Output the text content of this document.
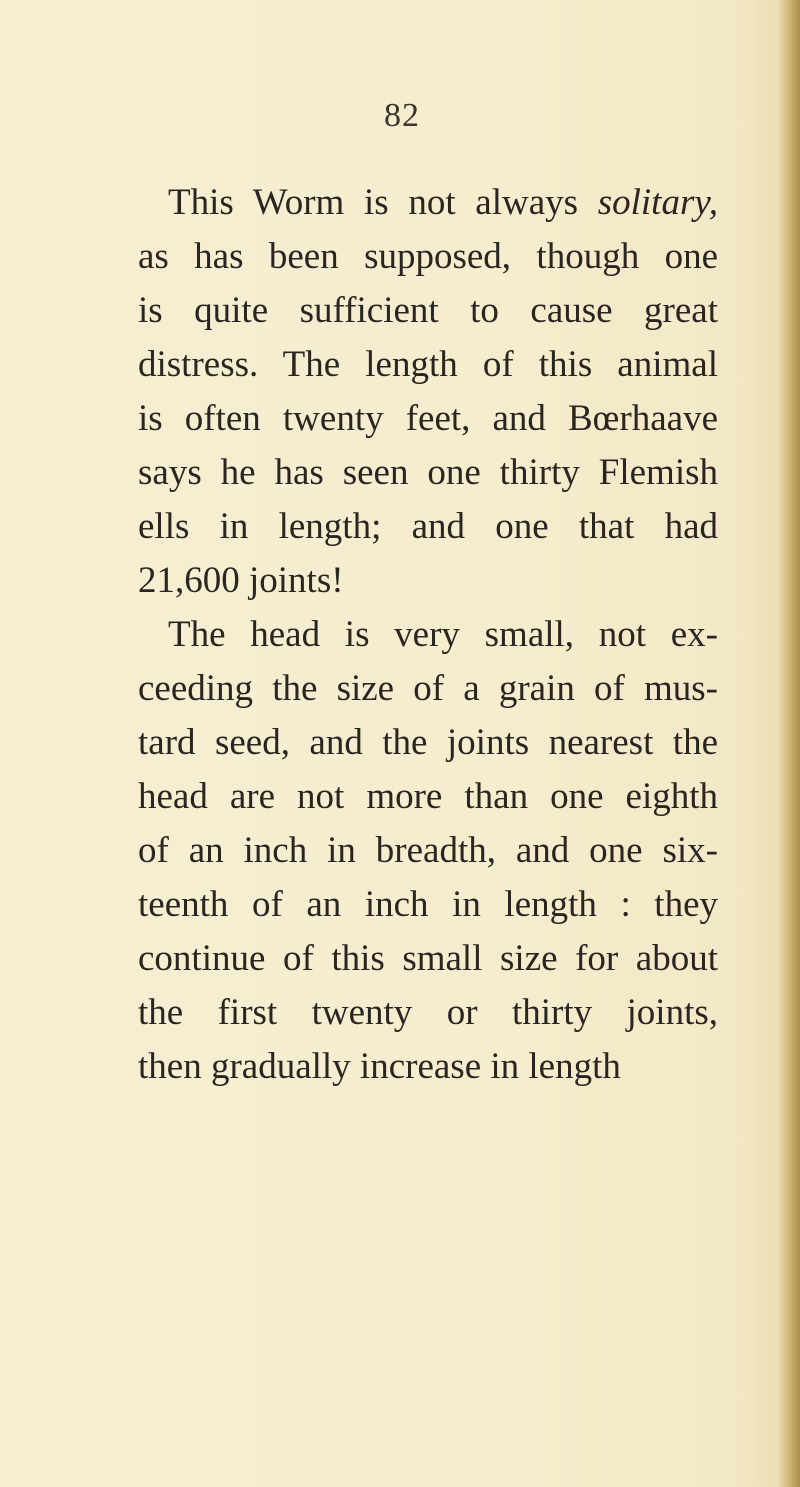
82
This Worm is not always solitary,
as has been supposed, though one
is quite sufficient to cause great
distress. The length of this animal
is often twenty feet, and Bœrhaave
says he has seen one thirty Flemish
ells in length; and one that had
21,600 joints!
The head is very small, not ex-
ceeding the size of a grain of mus-
tard seed, and the joints nearest the
head are not more than one eighth
of an inch in breadth, and one six-
teenth of an inch in length : they
continue of this small size for about
the first twenty or thirty joints,
then gradually increase in length
